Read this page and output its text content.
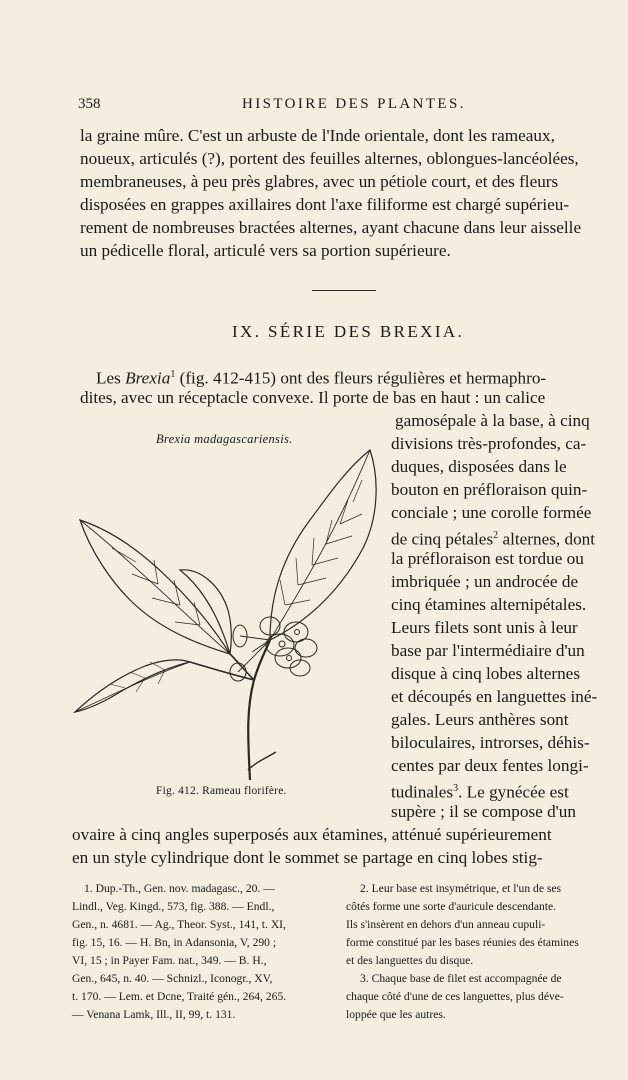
358	HISTOIRE DES PLANTES.
la graine mûre. C'est un arbuste de l'Inde orientale, dont les rameaux,
noueux, articulés (?), portent des feuilles alternes, oblongues-lancéolées,
membraneuses, à peu près glabres, avec un pétiole court, et des fleurs
disposées en grappes axillaires dont l'axe filiforme est chargé supérieu-
rement de nombreuses bractées alternes, ayant chacune dans leur aisselle
un pédicelle floral, articulé vers sa portion supérieure.
IX. SÉRIE DES BREXIA.
Les Brexia$^1$ (fig. 412-415) ont des fleurs régulières et hermaphro-
dites, avec un réceptacle convexe. Il porte de bas en haut : un calice
gamosépale à la base, à cinq
divisions très-profondes, ca-
duques, disposées dans le
bouton en préfloraison quin-
conciale ; une corolle formée
de cinq pétales$^2$ alternes, dont
la préfloraison est tordue ou
imbriquée ; un androcée de
cinq étamines alternipétales.
Leurs filets sont unis à leur
base par l'intermédiaire d'un
disque à cinq lobes alternes
et découpés en languettes iné-
gales. Leurs anthères sont
biloculaires, introrses, déhis-
centes par deux fentes longi-
tudinales$^3$. Le gynécée est
supère ; il se compose d'un
ovaire à cinq angles superposés aux étamines, atténué supérieurement
en un style cylindrique dont le sommet se partage en cinq lobes stig-
Brexia madagascariensis.
Fig. 412. Rameau florifère.
1. Dup.-Th., Gen. nov. madagasc., 20. —
Lindl., Veg. Kingd., 573, fig. 388. — Endl.,
Gen., n. 4681. — Ag., Theor. Syst., 141, t. XI,
fig. 15, 16. — H. Bn, in Adansonia, V, 290 ;
VI, 15 ; in Payer Fam. nat., 349. — B. H.,
Gen., 645, n. 40. — Schnizl., Iconogr., XV,
t. 170. — Lem. et Dcne, Traité gén., 264, 265.
— Venana Lamk, Ill., II, 99, t. 131.
2. Leur base est insymétrique, et l'un de ses
côtés forme une sorte d'auricule descendante.
Ils s'insèrent en dehors d'un anneau cupuli-
forme constitué par les bases réunies des étamines
et des languettes du disque.
3. Chaque base de filet est accompagnée de
chaque côté d'une de ces languettes, plus déve-
loppée que les autres.
